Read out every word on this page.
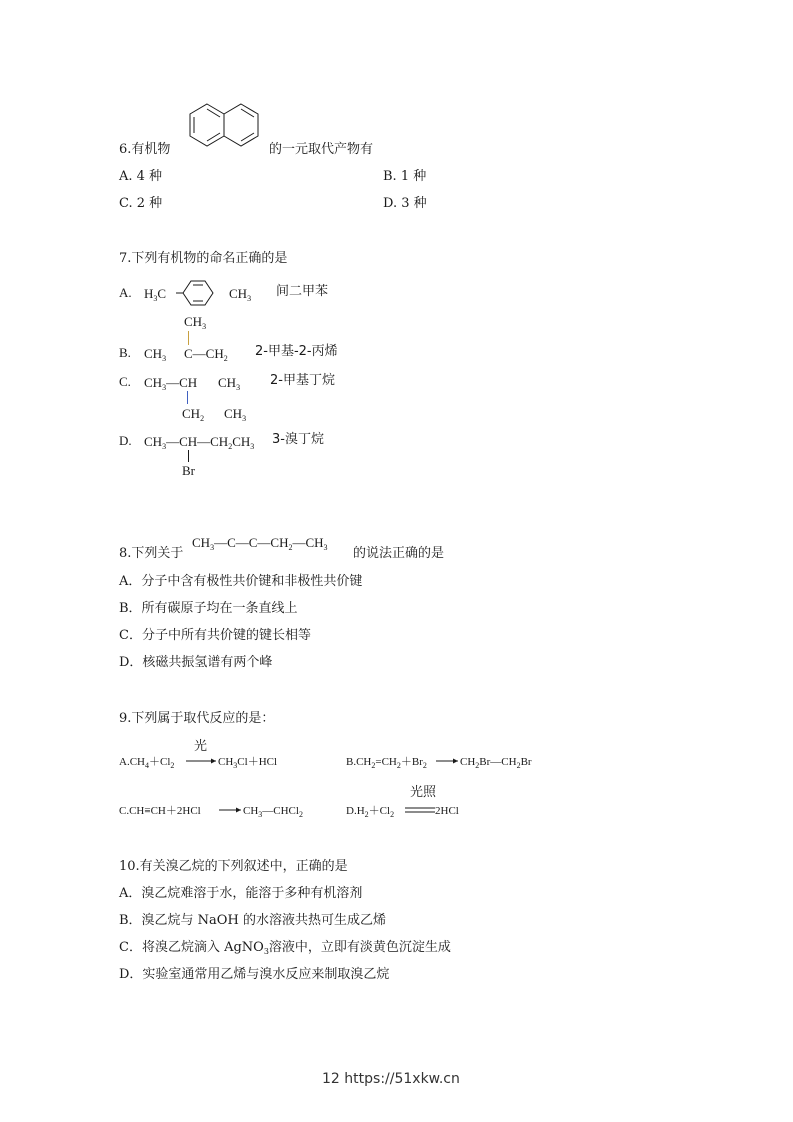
6.有机物	的一元取代产物有
A. 4 种	B. 1 种
C. 2 种	D. 3 种
7.下列有机物的命名正确的是
A. $H_3C$	$CH_3$ 间二甲苯
$CH_3$
B. $CH_3$ $C—CH_2$ 2-甲基-2-丙烯
C. $CH_3—CH$ $CH_3$ 2-甲基丁烷
$CH_2$ $CH_3$
D. $CH_3—CH—CH_2CH_3$ 3-溴丁烷
Br
$CH_3—C—C—CH_2—CH_3$
8.下列关于	的说法正确的是
A．分子中含有极性共价键和非极性共价键
B．所有碳原子均在一条直线上
C．分子中所有共价键的键长相等
D．核磁共振氢谱有两个峰
9.下列属于取代反应的是：
光
$A.CH_4+Cl_2$	$CH_3Cl+HCl$	$B.CH_2=CH_2+Br_2$	$CH_2Br—CH_2Br$
C.CH≡CH＋2HCl	$CH_3—CHCl_2$
光照
$D.H_2+Cl_2$	2HCl
10.有关溴乙烷的下列叙述中，正确的是
A．溴乙烷难溶于水，能溶于多种有机溶剂
B．溴乙烷与 NaOH 的水溶液共热可生成乙烯
C．将溴乙烷滴入 AgNO$_3$溶液中，立即有淡黄色沉淀生成
D．实验室通常用乙烯与溴水反应来制取溴乙烷
12 https://51xkw.cn
